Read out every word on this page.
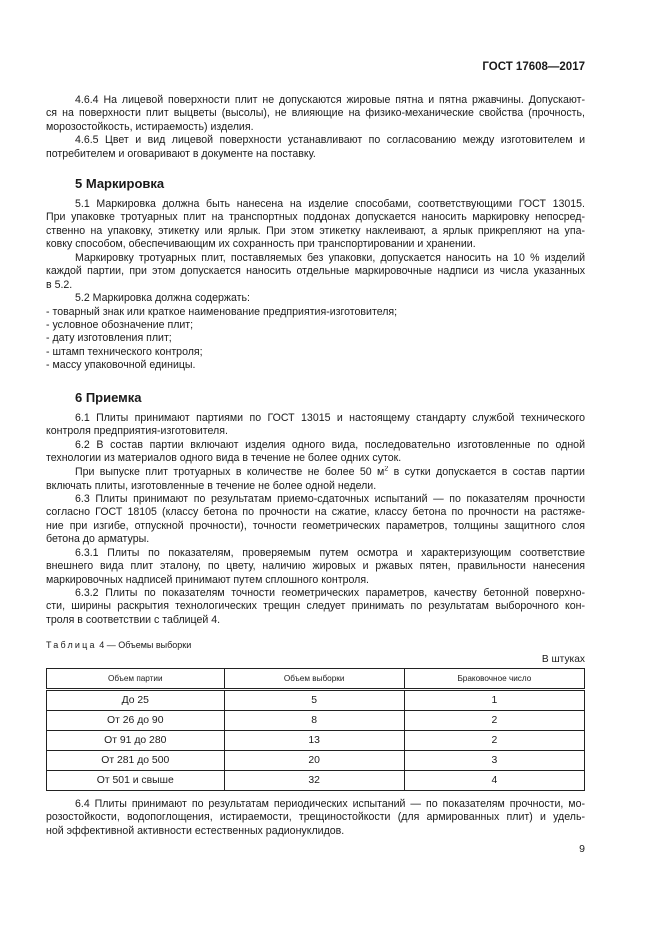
ГОСТ 17608—2017
4.6.4 На лицевой поверхности плит не допускаются жировые пятна и пятна ржавчины. Допускают-
ся на поверхности плит выцветы (высолы), не влияющие на физико-механические свойства (прочность,
морозостойкость, истираемость) изделия.
4.6.5 Цвет и вид лицевой поверхности устанавливают по согласованию между изготовителем и
потребителем и оговаривают в документе на поставку.
5 Маркировка
5.1 Маркировка должна быть нанесена на изделие способами, соответствующими ГОСТ 13015.
При упаковке тротуарных плит на транспортных поддонах допускается наносить маркировку непосред-
ственно на упаковку, этикетку или ярлык. При этом этикетку наклеивают, а ярлык прикрепляют на упа-
ковку способом, обеспечивающим их сохранность при транспортировании и хранении.
Маркировку тротуарных плит, поставляемых без упаковки, допускается наносить на 10 % изделий
каждой партии, при этом допускается наносить отдельные маркировочные надписи из числа указанных
в 5.2.
5.2 Маркировка должна содержать:
- товарный знак или краткое наименование предприятия-изготовителя;
- условное обозначение плит;
- дату изготовления плит;
- штамп технического контроля;
- массу упаковочной единицы.
6 Приемка
6.1 Плиты принимают партиями по ГОСТ 13015 и настоящему стандарту службой технического
контроля предприятия-изготовителя.
6.2 В состав партии включают изделия одного вида, последовательно изготовленные по одной
технологии из материалов одного вида в течение не более одних суток.
При выпуске плит тротуарных в количестве не более 50 $м^2$ в сутки допускается в состав партии
включать плиты, изготовленные в течение не более одной недели.
6.3 Плиты принимают по результатам приемо-сдаточных испытаний — по показателям прочности
согласно ГОСТ 18105 (классу бетона по прочности на сжатие, классу бетона по прочности на растяже-
ние при изгибе, отпускной прочности), точности геометрических параметров, толщины защитного слоя
бетона до арматуры.
6.3.1 Плиты по показателям, проверяемым путем осмотра и характеризующим соответствие
внешнего вида плит эталону, по цвету, наличию жировых и ржавых пятен, правильности нанесения
маркировочных надписей принимают путем сплошного контроля.
6.3.2 Плиты по показателям точности геометрических параметров, качеству бетонной поверхно-
сти, ширины раскрытия технологических трещин следует принимать по результатам выборочного кон-
троля в соответствии с таблицей 4.
Таблица 4 — Объемы выборки
В штуках
Объем партии	Объем выборки	Браковочное число
До 25	5	1
От 26 до 90	8	2
От 91 до 280	13	2
От 281 до 500	20	3
От 501 и свыше	32	4
6.4 Плиты принимают по результатам периодических испытаний — по показателям прочности, мо-
розостойкости, водопоглощения, истираемости, трещиностойкости (для армированных плит) и удель-
ной эффективной активности естественных радионуклидов.
9
